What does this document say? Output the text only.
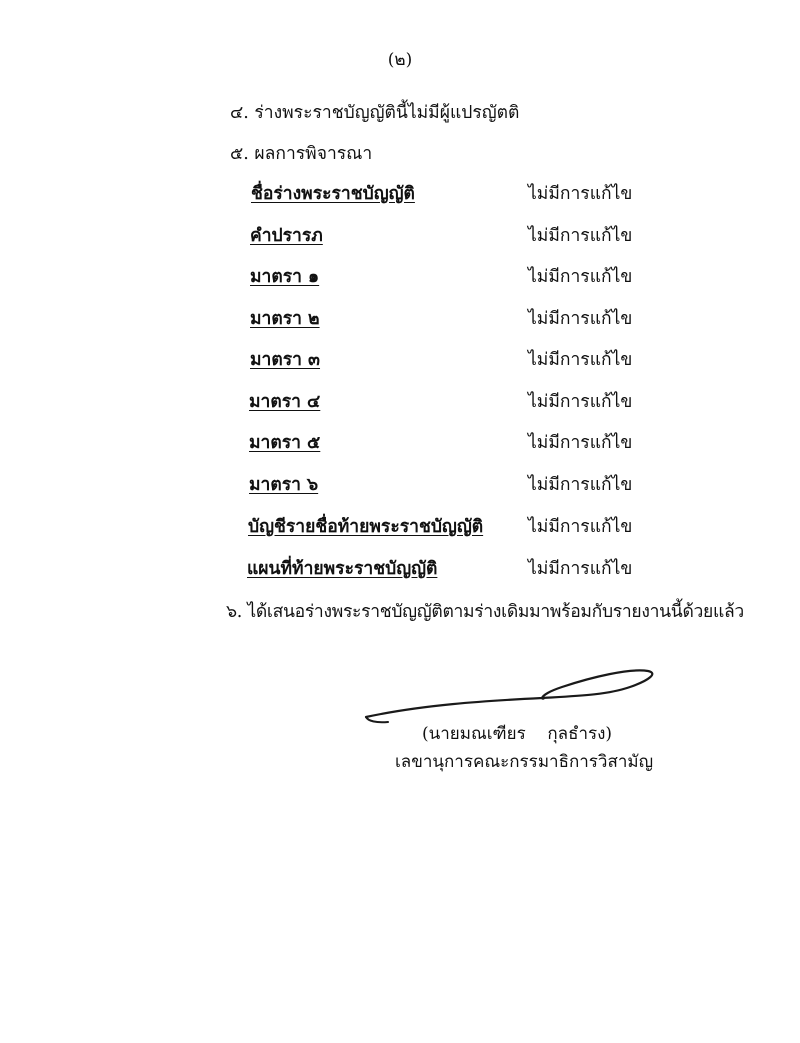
(๒)
๔. ร่างพระราชบัญญัตินี้ไม่มีผู้แปรญัตติ
๕. ผลการพิจารณา
ชื่อร่างพระราชบัญญัติ	ไม่มีการแก้ไข
คำปรารภ	ไม่มีการแก้ไข
มาตรา ๑	ไม่มีการแก้ไข
มาตรา ๒	ไม่มีการแก้ไข
มาตรา ๓	ไม่มีการแก้ไข
มาตรา ๔	ไม่มีการแก้ไข
มาตรา ๕	ไม่มีการแก้ไข
มาตรา ๖	ไม่มีการแก้ไข
บัญชีรายชื่อท้ายพระราชบัญญัติ	ไม่มีการแก้ไข
แผนที่ท้ายพระราชบัญญัติ	ไม่มีการแก้ไข
๖. ได้เสนอร่างพระราชบัญญัติตามร่างเดิมมาพร้อมกับรายงานนี้ด้วยแล้ว
(นายมณเฑียร    กุลธำรง)
เลขานุการคณะกรรมาธิการวิสามัญ
